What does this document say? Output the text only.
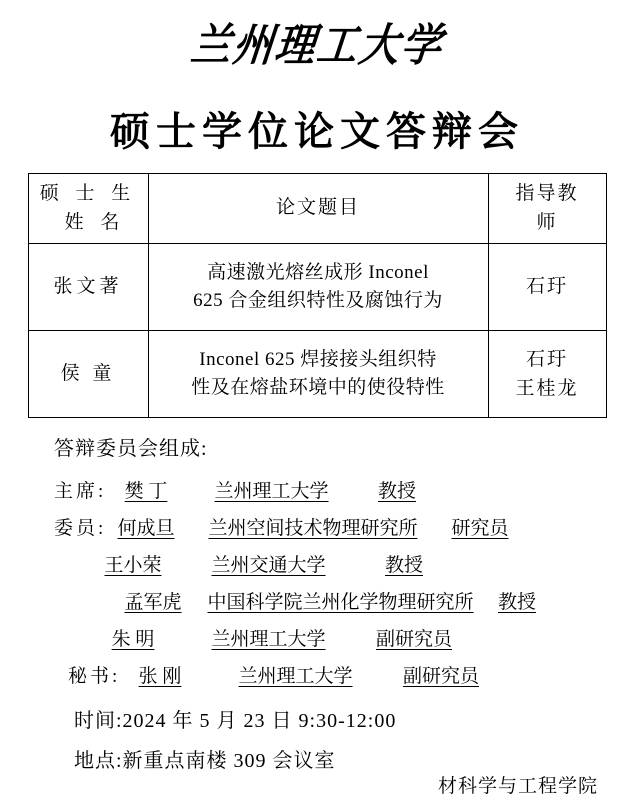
兰州理工大学
硕士学位论文答辩会
硕 士 生
姓 名	论文题目	指导教
师

张文著	高速激光熔丝成形 Inconel
625 合金组织特性及腐蚀行为	石玗

侯 童	Inconel 625 焊接接头组织特
性及在熔盐环境中的使役特性	石玗
王桂龙
答辩委员会组成:
主席: 樊 丁 兰州理工大学	教授
委员: 何成旦 兰州空间技术物理研究所 研究员
王小荣	兰州交通大学	教授
孟军虎 中国科学院兰州化学物理研究所 教授
朱 明	兰州理工大学	副研究员
秘书: 张 刚	兰州理工大学	副研究员
时间:2024 年 5 月 23 日 9:30-12:00
地点:新重点南楼 309 会议室
材科学与工程学院
